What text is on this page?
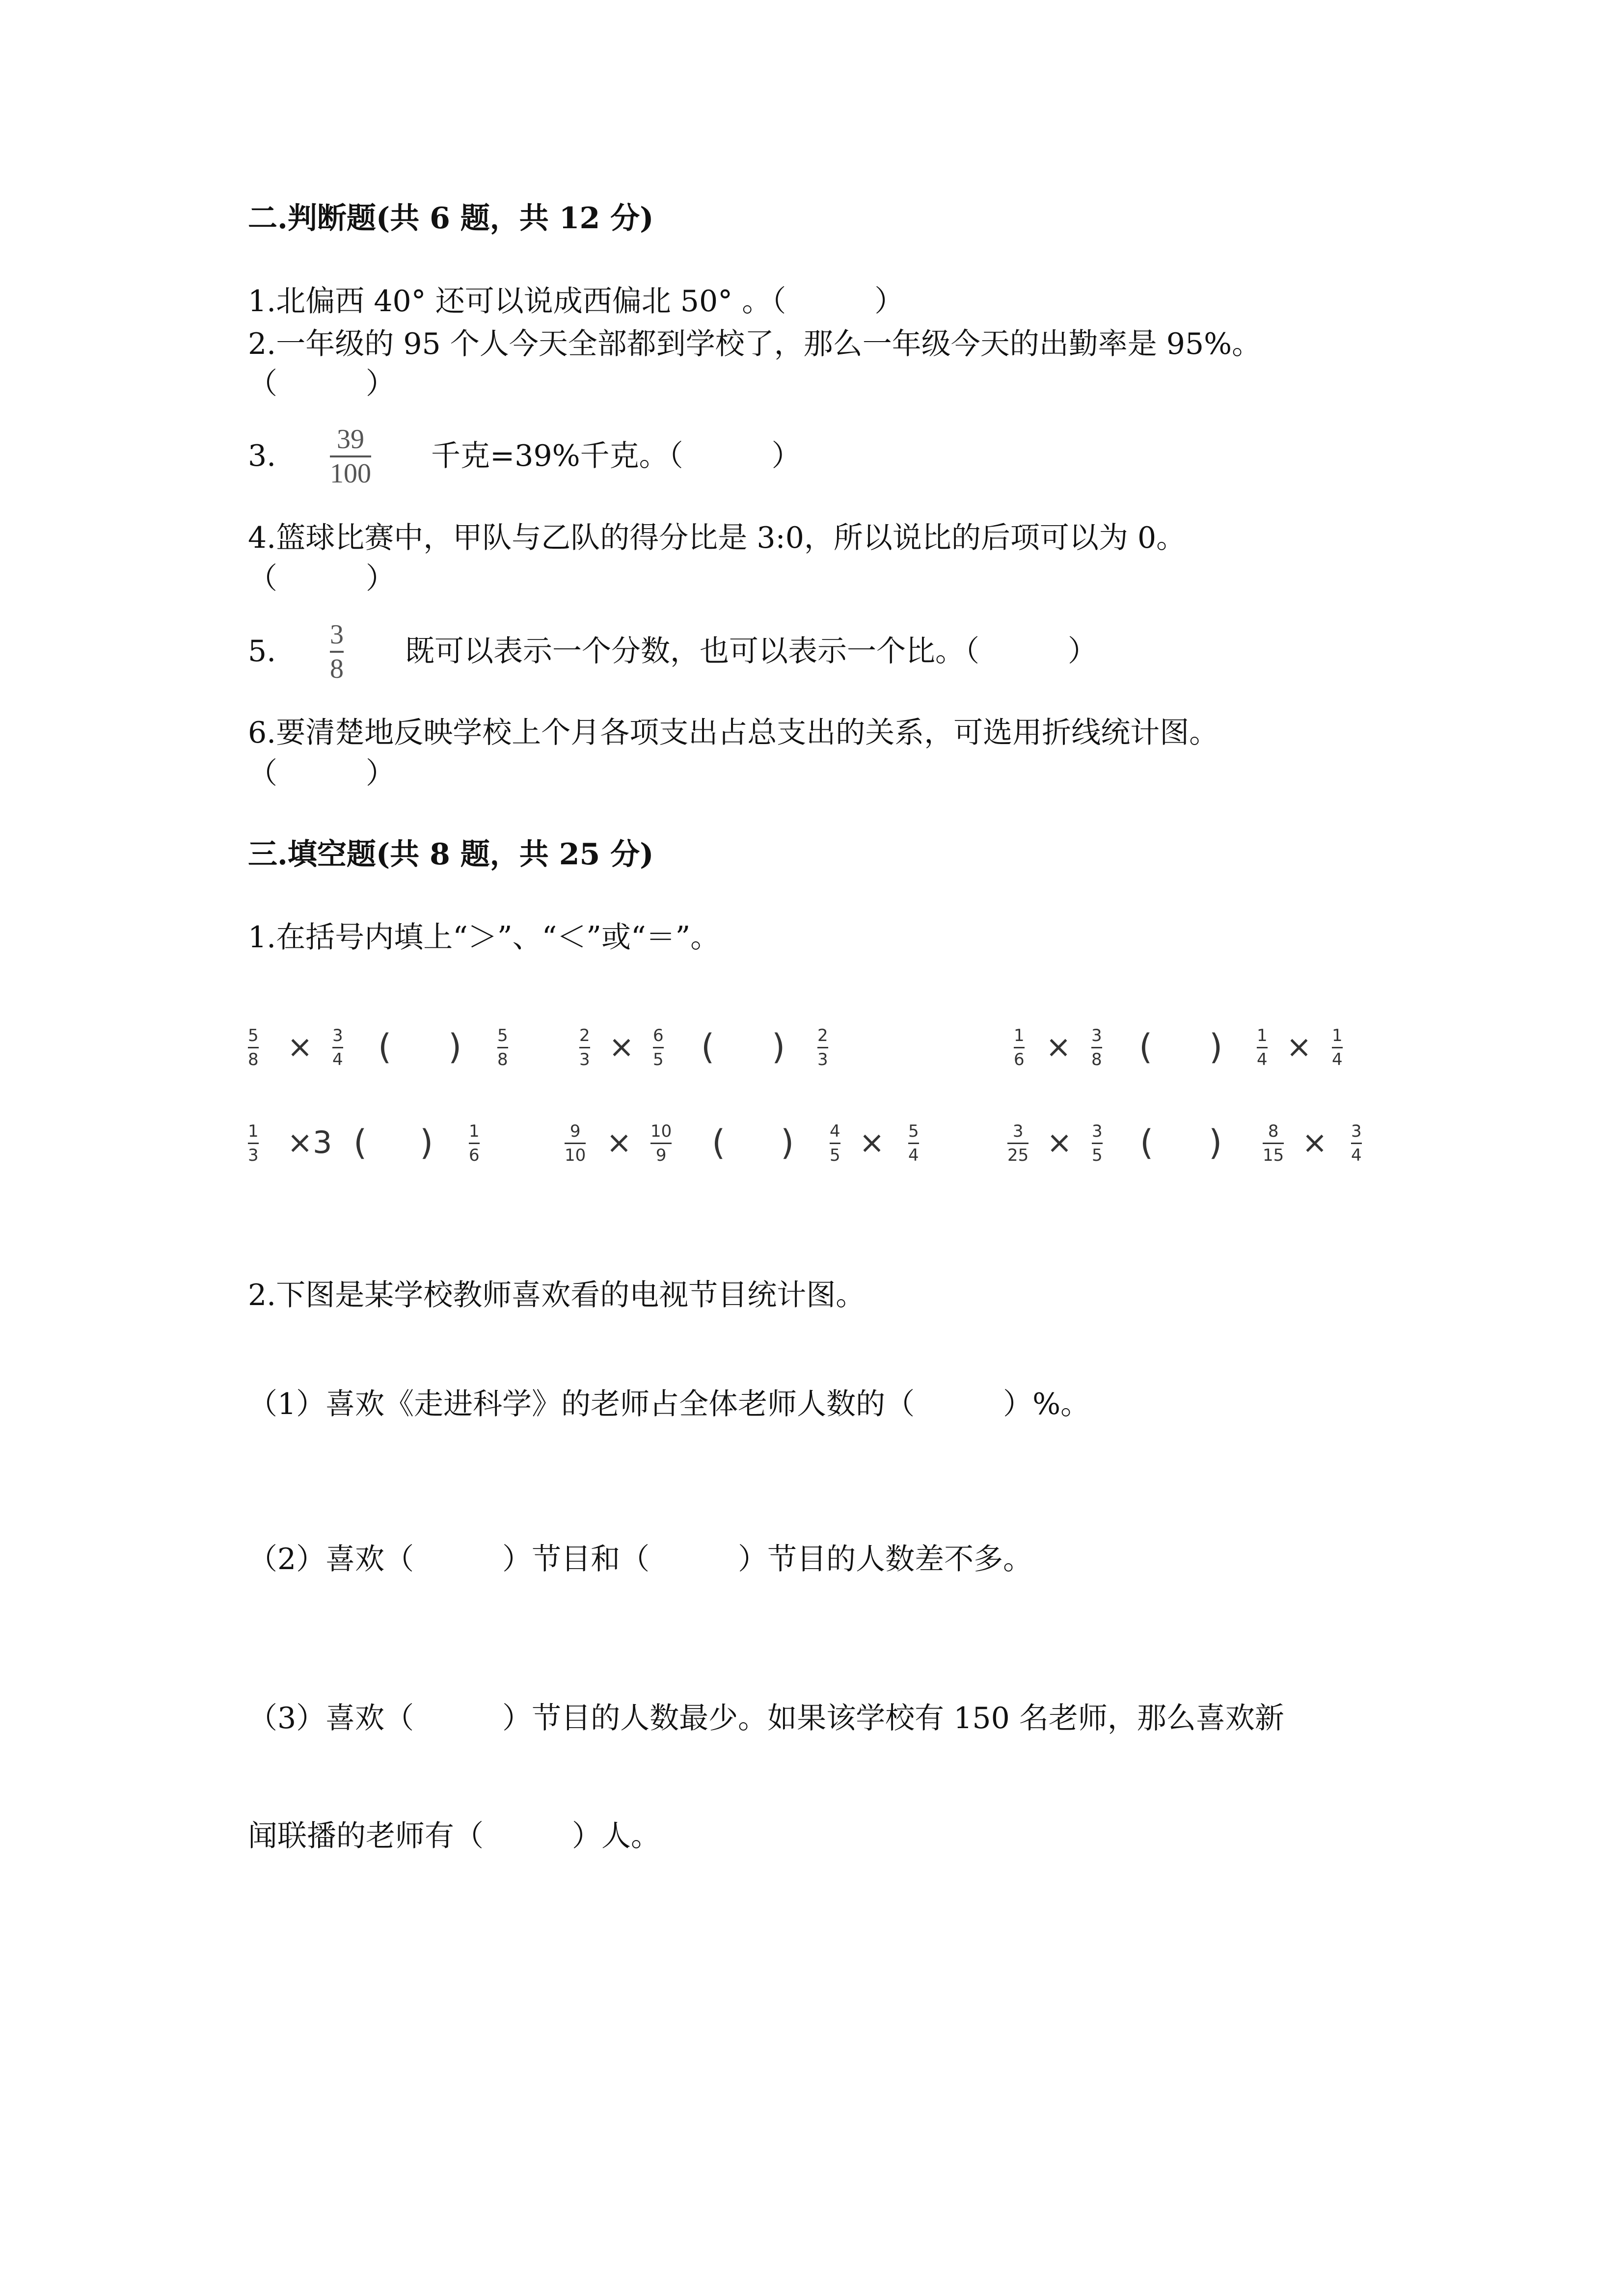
二.判断题(共 6 题，共 12 分)
1.北偏西 40° 还可以说成西偏北 50° 。（　　　）
2.一年级的 95 个人今天全部都到学校了，那么一年级今天的出勤率是 95%。
（　　　）
3. 39
100
千克=39%千克。（　　　）
4.篮球比赛中，甲队与乙队的得分比是 3:0，所以说比的后项可以为 0。
（　　　）
5. 3
8
既可以表示一个分数，也可以表示一个比。（　　　）
6.要清楚地反映学校上个月各项支出占总支出的关系，可选用折线统计图。
（　　　）
三.填空题(共 8 题，共 25 分)
1.在括号内填上“＞”、“＜”或“＝”。
5
8 × 3
4 ( ) 5
8
2
3 × 6
5 ( ) 2
3
1
6 × 3
8 ( ) 1
4 × 1
4
1
3 ×3 ( ) 1
6
9
10 × 10
9 ( ) 4
5 × 5
4
3
25 × 3
5 ( )	8
15 × 3
4
2.下图是某学校教师喜欢看的电视节目统计图。
（1）喜欢《走进科学》的老师占全体老师人数的（　　　）%。
（2）喜欢（　　　）节目和（　　　）节目的人数差不多。
（3）喜欢（　　　）节目的人数最少。如果该学校有 150 名老师，那么喜欢新
闻联播的老师有（　　　）人。
